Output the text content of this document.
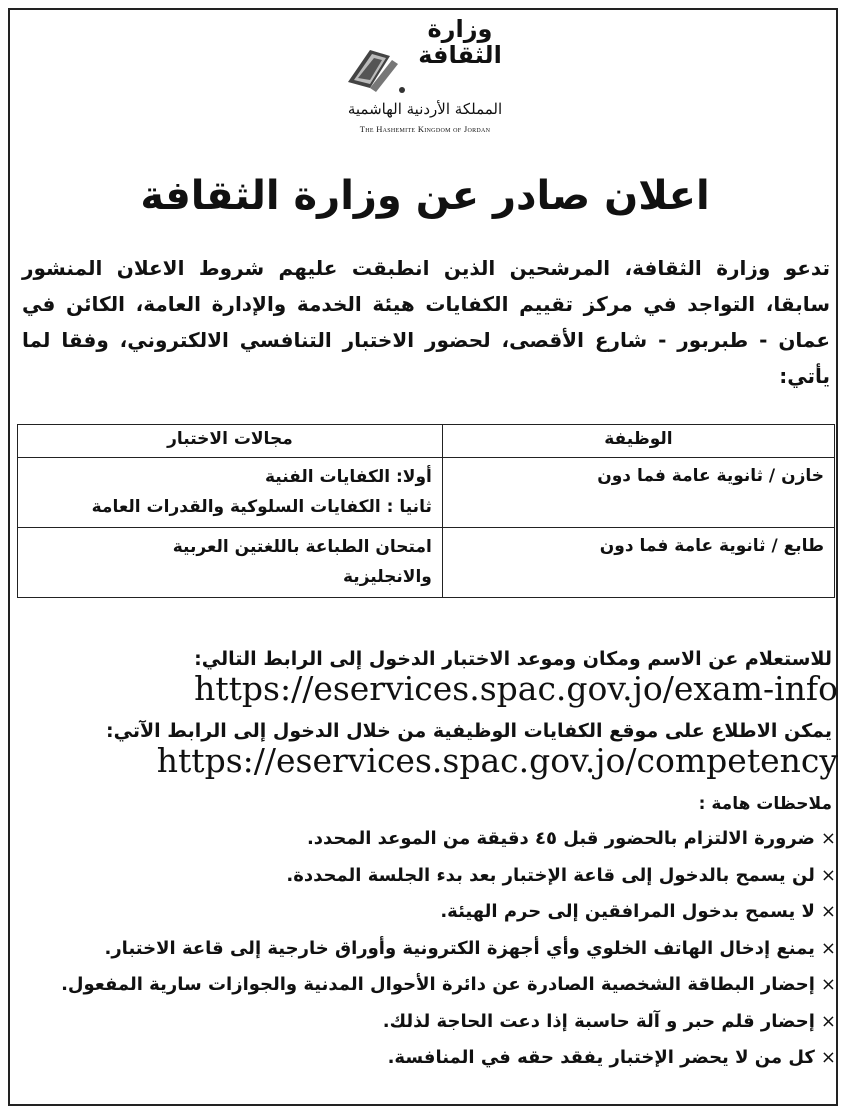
وزارة الثقافة
المملكة الأردنية الهاشمية
The Hashemite Kingdom of Jordan
اعلان صادر عن وزارة الثقافة
تدعو وزارة الثقافة، المرشحين الذين انطبقت عليهم شروط الاعلان المنشور سابقا، التواجد في مركز تقييم الكفايات هيئة الخدمة والإدارة العامة، الكائن في عمان - طبربور - شارع الأقصى، لحضور الاختبار التنافسي الالكتروني، وفقا لما يأتي:
الوظيفة	مجالات الاختبار
خازن / ثانوية عامة فما دون	أولا: الكفايات الفنية
ثانيا : الكفايات السلوكية والقدرات العامة

طابع / ثانوية عامة فما دون	امتحان الطباعة باللغتين العربية
والانجليزية
للاستعلام عن الاسم ومكان وموعد الاختبار الدخول إلى الرابط التالي:
https://eservices.spac.gov.jo/exam-info
يمكن الاطلاع على موقع الكفايات الوظيفية من خلال الدخول إلى الرابط الآتي:
https://eservices.spac.gov.jo/competency
ملاحظات هامة :
×ضرورة الالتزام بالحضور قبل ٤٥ دقيقة من الموعد المحدد.
×لن يسمح بالدخول إلى قاعة الإختبار بعد بدء الجلسة المحددة.
×لا يسمح بدخول المرافقين إلى حرم الهيئة.
×يمنع إدخال الهاتف الخلوي وأي أجهزة الكترونية وأوراق خارجية إلى قاعة الاختبار.
×إحضار البطاقة الشخصية الصادرة عن دائرة الأحوال المدنية والجوازات سارية المفعول.
×إحضار قلم حبر و آلة حاسبة إذا دعت الحاجة لذلك.
×كل من لا يحضر الإختبار يفقد حقه في المنافسة.
